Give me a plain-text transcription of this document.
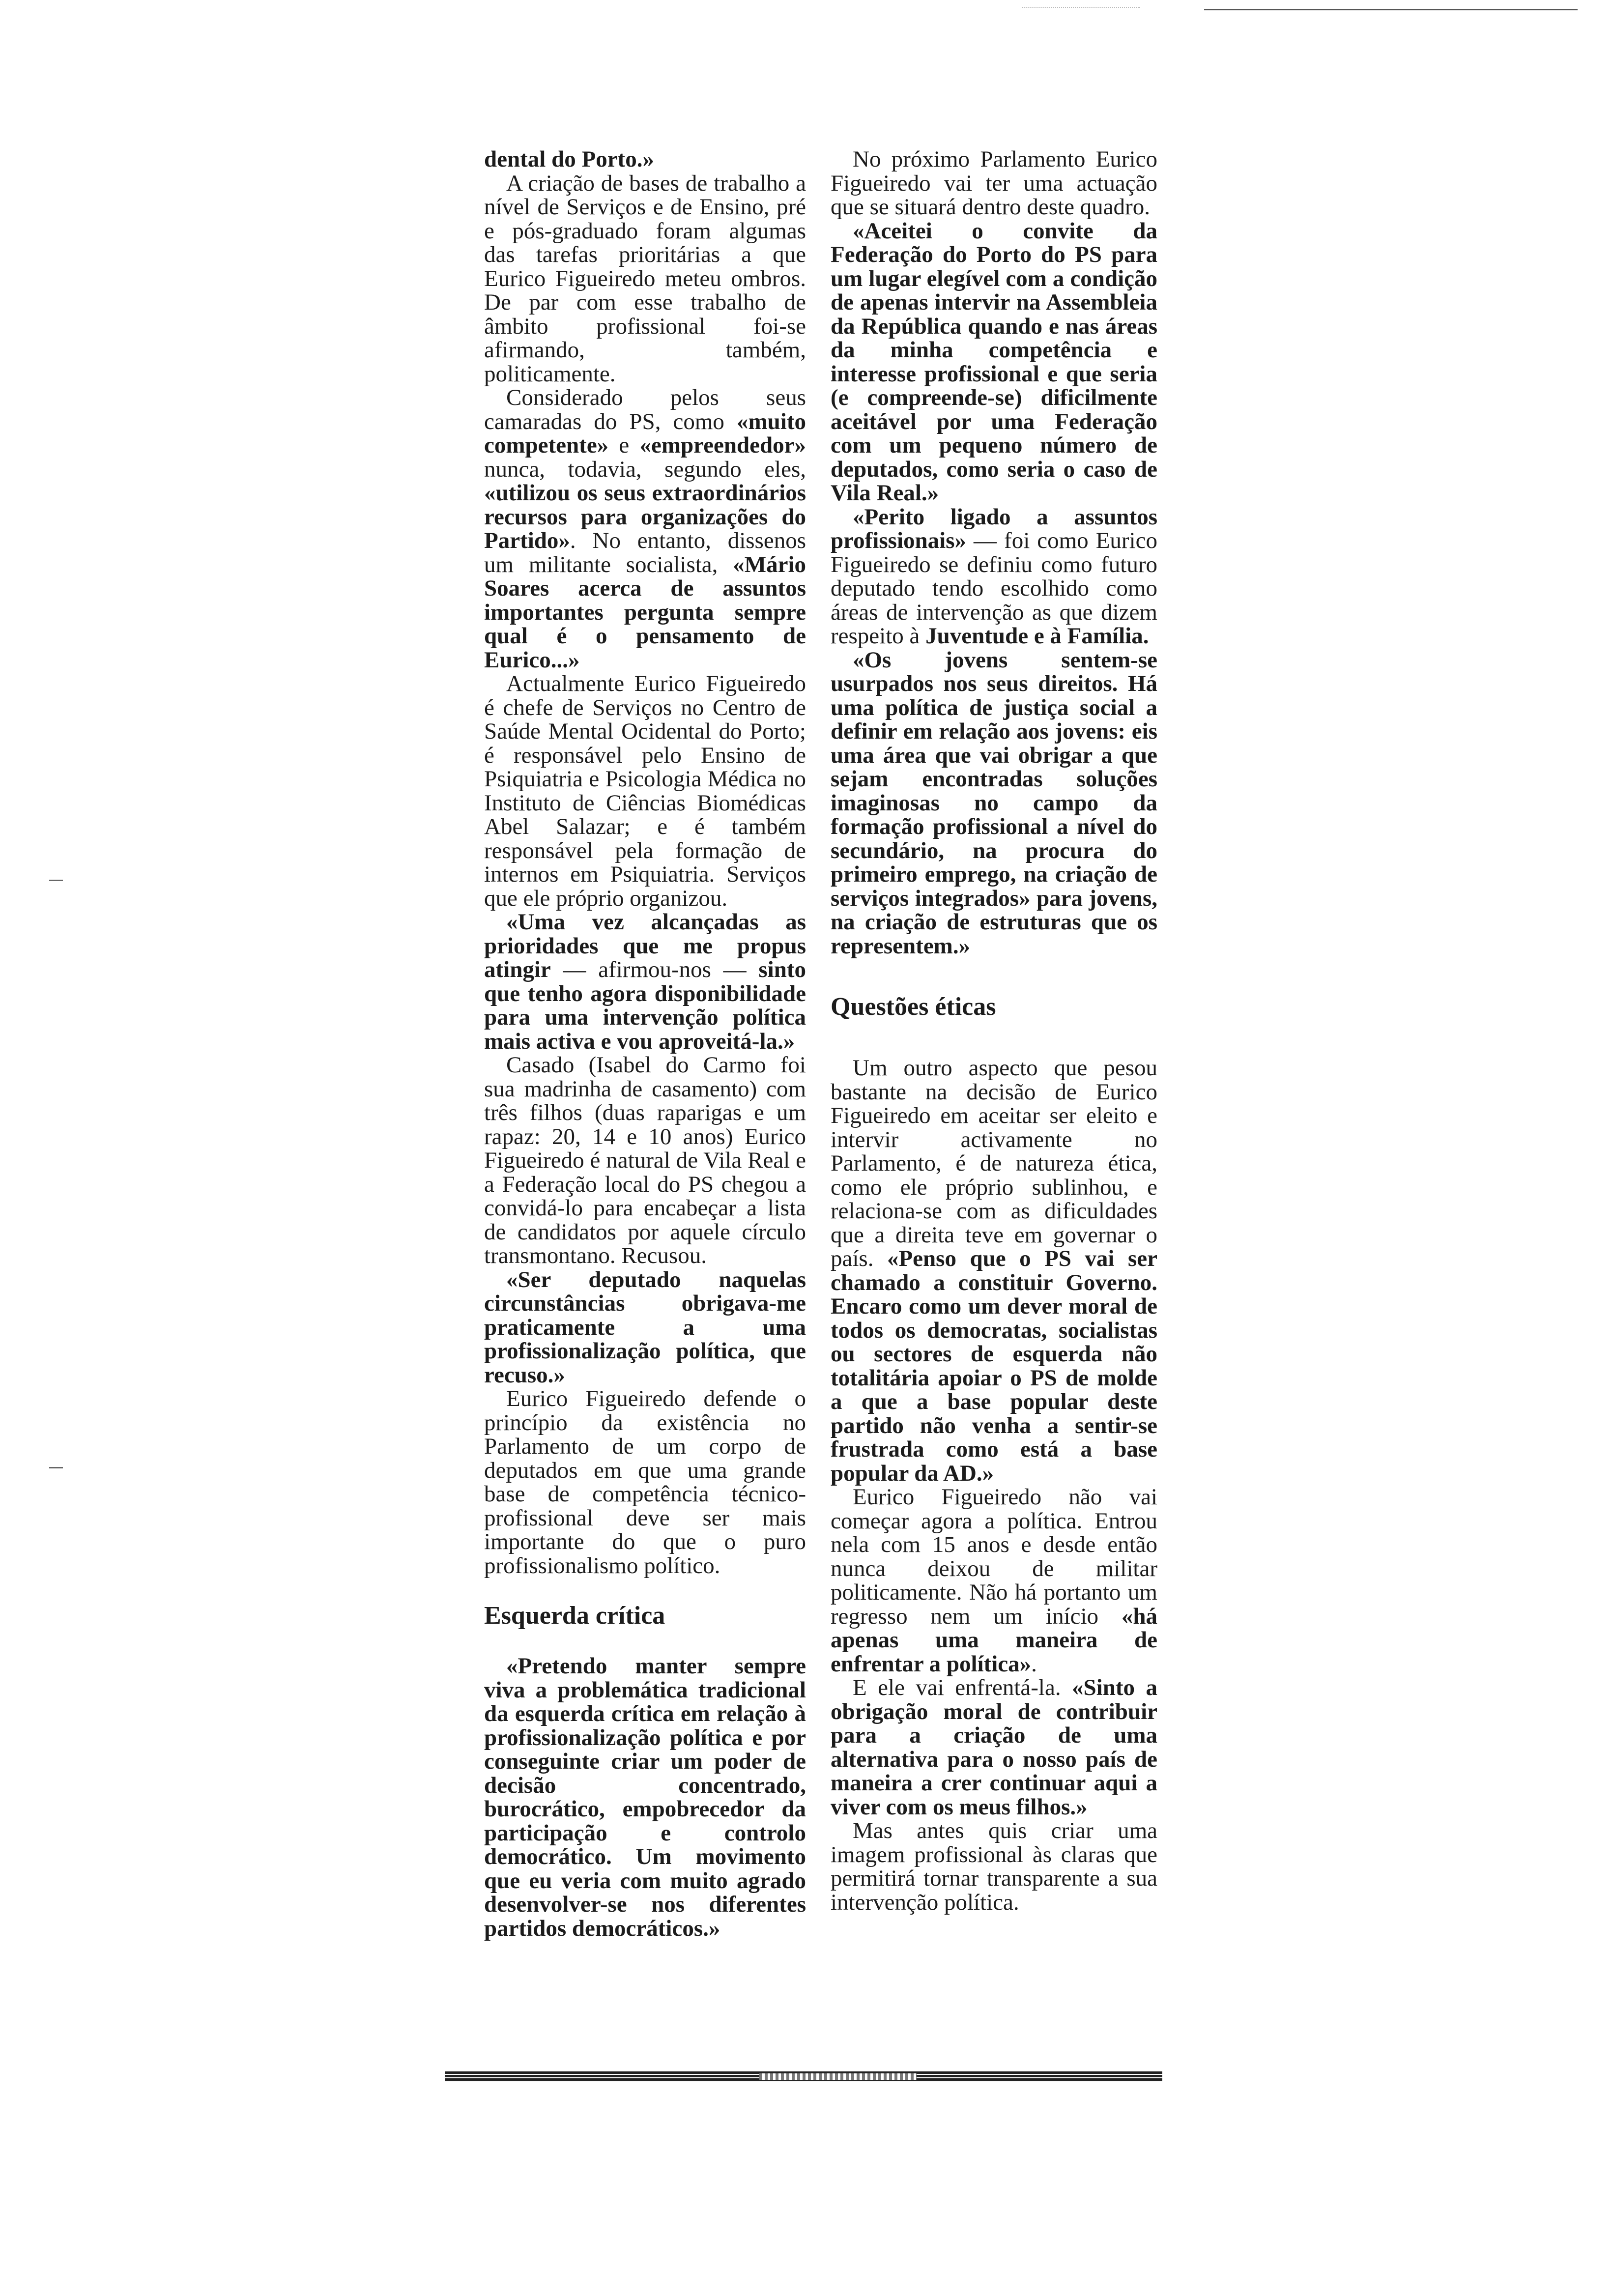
dental do Porto.»

A criação de bases de trabalho a nível de Serviços e de Ensino, pré e pós-graduado foram algumas das tarefas prioritárias a que Eurico Figueiredo meteu ombros. De par com esse trabalho de âmbito profissional foi-se afirmando, também, politicamente.

Considerado pelos seus camaradas do PS, como «muito competente» e «empreendedor» nunca, todavia, segundo eles, «utilizou os seus extraordinários recursos para organizações do Partido». No entanto, dissenos um militante socialista, «Mário Soares acerca de assuntos importantes pergunta sempre qual é o pensamento de Eurico...»

Actualmente Eurico Figueiredo é chefe de Serviços no Centro de Saúde Mental Ocidental do Porto; é responsável pelo Ensino de Psiquiatria e Psicologia Médica no Instituto de Ciências Biomédicas Abel Salazar; e é também responsável pela formação de internos em Psiquiatria. Serviços que ele próprio organizou.

«Uma vez alcançadas as prioridades que me propus atingir — afirmou-nos — sinto que tenho agora disponibilidade para uma intervenção política mais activa e vou aproveitá-la.»

Casado (Isabel do Carmo foi sua madrinha de casamento) com três filhos (duas raparigas e um rapaz: 20, 14 e 10 anos) Eurico Figueiredo é natural de Vila Real e a Federação local do PS chegou a convidá-lo para encabeçar a lista de candidatos por aquele círculo transmontano. Recusou.

«Ser deputado naquelas circunstâncias obrigava-me praticamente a uma profissionalização política, que recuso.»

Eurico Figueiredo defende o princípio da existência no Parlamento de um corpo de deputados em que uma grande base de competência técnico-profissional deve ser mais importante do que o puro profissionalismo político.

Esquerda crítica

«Pretendo manter sempre viva a problemática tradicional da esquerda crítica em relação à profissionalização política e por conseguinte criar um poder de decisão concentrado, burocrático, empobrecedor da participação e controlo democrático. Um movimento que eu veria com muito agrado desenvolver-se nos diferentes partidos democráticos.»

No próximo Parlamento Eurico Figueiredo vai ter uma actuação que se situará dentro deste quadro.

«Aceitei o convite da Federação do Porto do PS para um lugar elegível com a condição de apenas intervir na Assembleia da República quando e nas áreas da minha competência e interesse profissional e que seria (e compreende-se) dificilmente aceitável por uma Federação com um pequeno número de deputados, como seria o caso de Vila Real.»

«Perito ligado a assuntos profissionais» — foi como Eurico Figueiredo se definiu como futuro deputado tendo escolhido como áreas de intervenção as que dizem respeito à Juventude e à Família.

«Os jovens sentem-se usurpados nos seus direitos. Há uma política de justiça social a definir em relação aos jovens: eis uma área que vai obrigar a que sejam encontradas soluções imaginosas no campo da formação profissional a nível do secundário, na procura do primeiro emprego, na criação de serviços integrados» para jovens, na criação de estruturas que os representem.»

Questões éticas

Um outro aspecto que pesou bastante na decisão de Eurico Figueiredo em aceitar ser eleito e intervir activamente no Parlamento, é de natureza ética, como ele próprio sublinhou, e relaciona-se com as dificuldades que a direita teve em governar o país. «Penso que o PS vai ser chamado a constituir Governo. Encaro como um dever moral de todos os democratas, socialistas ou sectores de esquerda não totalitária apoiar o PS de molde a que a base popular deste partido não venha a sentir-se frustrada como está a base popular da AD.»

Eurico Figueiredo não vai começar agora a política. Entrou nela com 15 anos e desde então nunca deixou de militar politicamente. Não há portanto um regresso nem um início «há apenas uma maneira de enfrentar a política».

E ele vai enfrentá-la. «Sinto a obrigação moral de contribuir para a criação de uma alternativa para o nosso país de maneira a crer continuar aqui a viver com os meus filhos.»

Mas antes quis criar uma imagem profissional às claras que permitirá tornar transparente a sua intervenção política.
